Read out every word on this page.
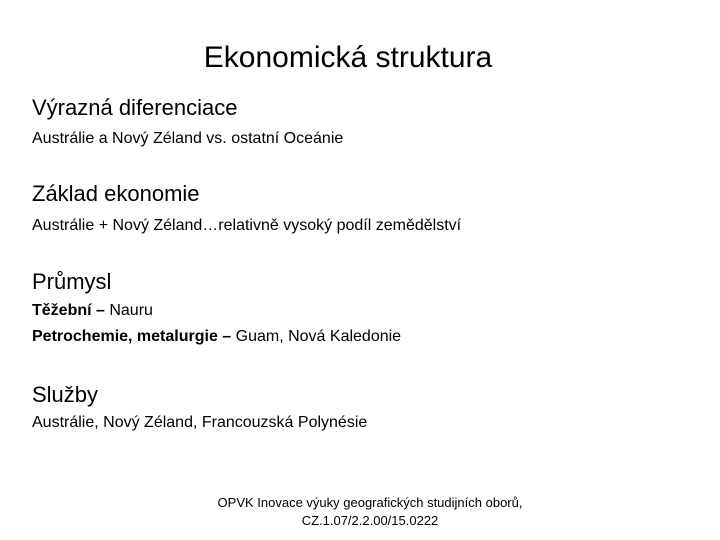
Ekonomická struktura
Výrazná diferenciace
Austrálie a Nový Zéland vs. ostatní Oceánie
Základ ekonomie
Austrálie + Nový Zéland…relativně vysoký podíl zemědělství
Průmysl
Těžební – Nauru
Petrochemie, metalurgie – Guam, Nová Kaledonie
Služby
Austrálie, Nový Zéland, Francouzská Polynésie
OPVK Inovace výuky geografických studijních oborů,
CZ.1.07/2.2.00/15.0222
